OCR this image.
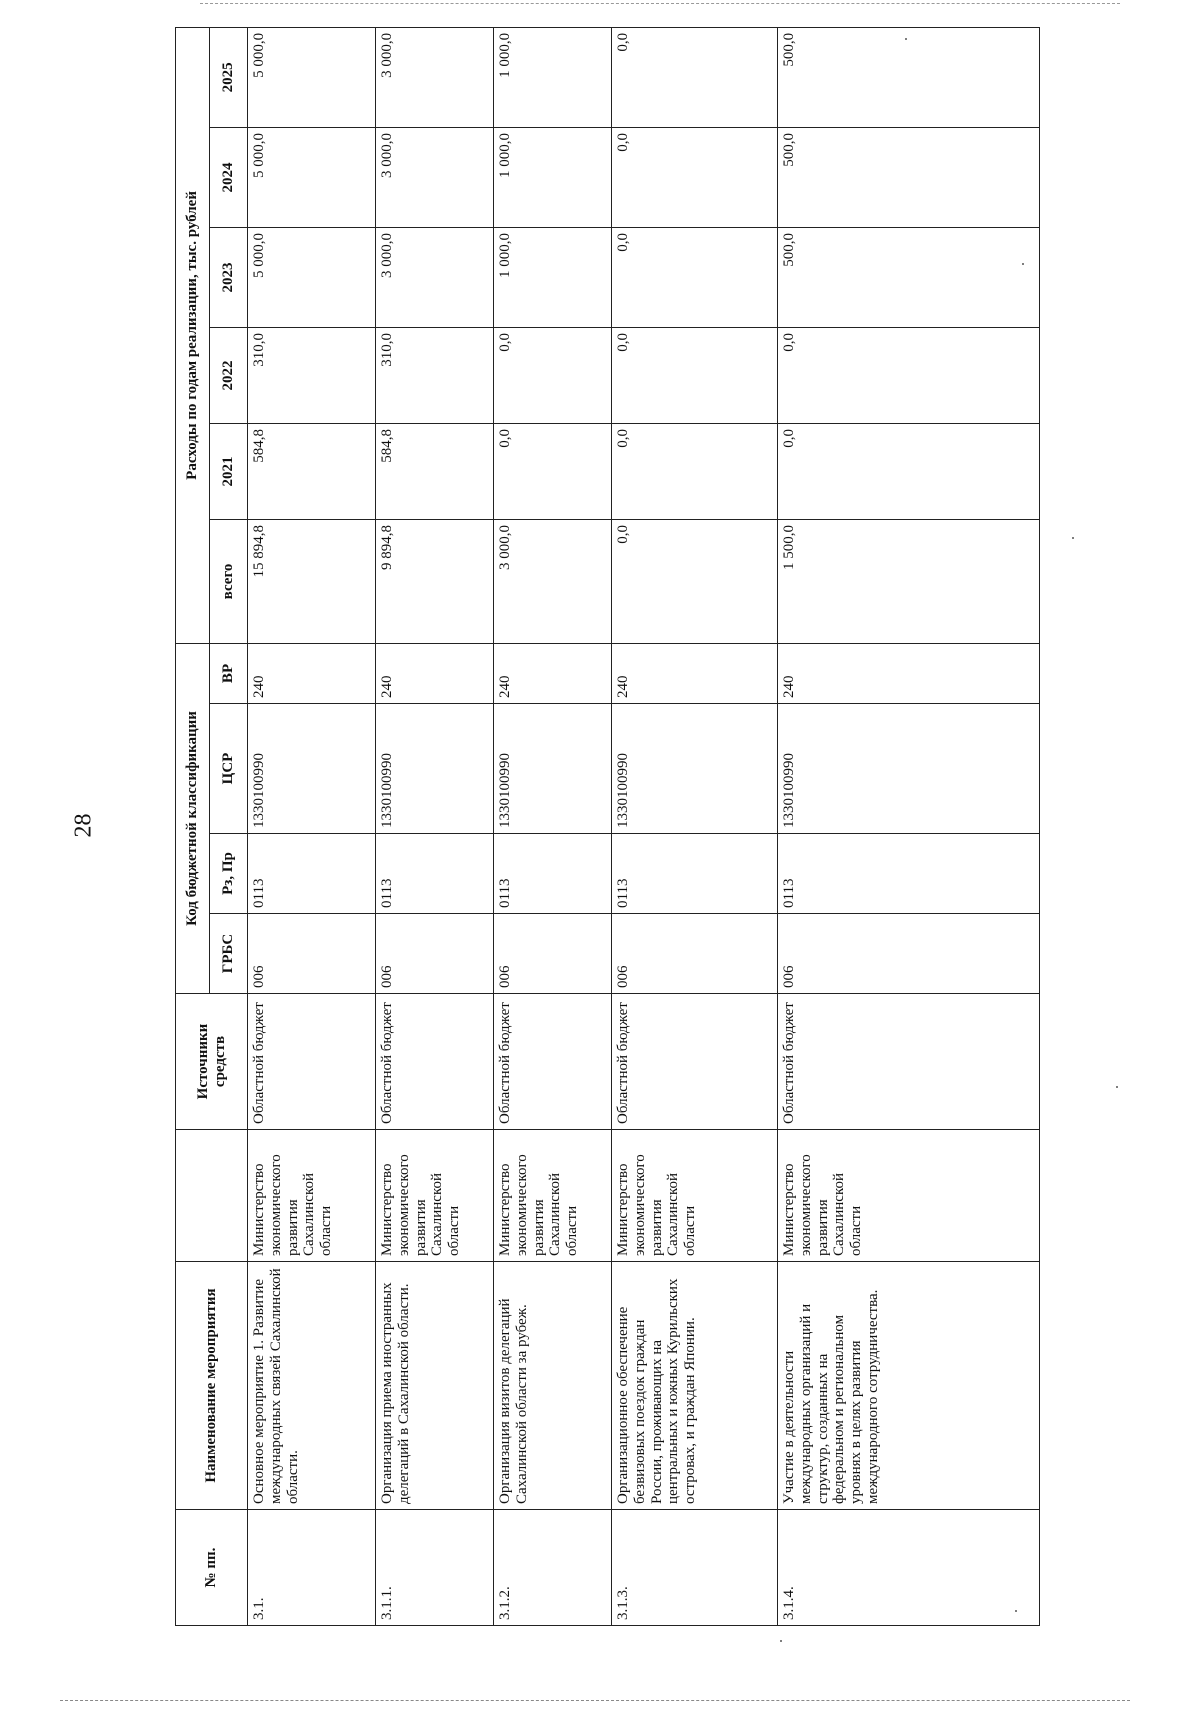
28
№ пп.	Наименование мероприятия		Источники средств	Код бюджетной классификации				Расходы по годам реализации, тыс. рублей					
				ГРБС	Рз, Пр	ЦСР	ВР	всего	2021	2022	2023	2024	2025
3.1.	Основное мероприятие 1. Развитие международных связей Сахалинской области.	Министерство экономического развития Сахалинской области	Областной бюджет	006	0113	1330100990	240	15 894,8	584,8	310,0	5 000,0	5 000,0	5 000,0
3.1.1.	Организация приема иностранных делегаций в Сахалинской области.	Министерство экономического развития Сахалинской области	Областной бюджет	006	0113	1330100990	240	9 894,8	584,8	310,0	3 000,0	3 000,0	3 000,0
3.1.2.	Организация визитов делегаций Сахалинской области за рубеж.	Министерство экономического развития Сахалинской области	Областной бюджет	006	0113	1330100990	240	3 000,0	0,0	0,0	1 000,0	1 000,0	1 000,0
3.1.3.	Организационное обеспечение безвизовых поездок граждан России, проживающих на центральных и южных Курильских островах, и граждан Японии.	Министерство экономического развития Сахалинской области	Областной бюджет	006	0113	1330100990	240	0,0	0,0	0,0	0,0	0,0	0,0
3.1.4.	Участие в деятельности международных организаций и структур, созданных на федеральном и региональном уровнях в целях развития международного сотрудничества.	Министерство экономического развития Сахалинской области	Областной бюджет	006	0113	1330100990	240	1 500,0	0,0	0,0	500,0	500,0	500,0
